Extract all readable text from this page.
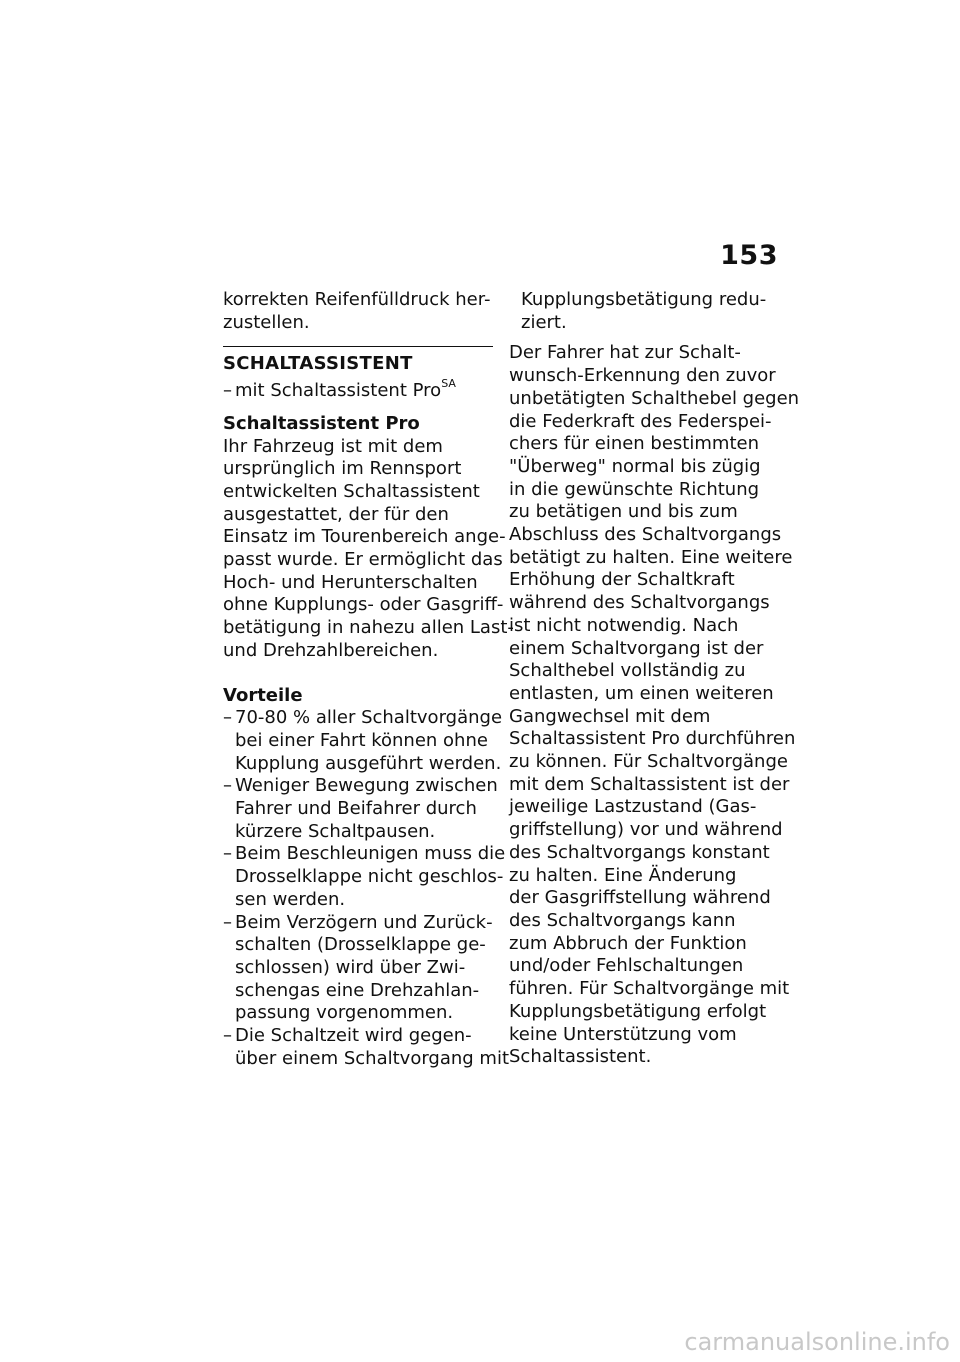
153
korrekten Reifenfülldruck her-
zustellen.
SCHALTASSISTENT
– mit Schaltassistent Pro$^{SA}$
Schaltassistent Pro
Ihr Fahrzeug ist mit dem
ursprünglich im Rennsport
entwickelten Schaltassistent
ausgestattet, der für den
Einsatz im Tourenbereich ange-
passt wurde. Er ermöglicht das
Hoch- und Herunterschalten
ohne Kupplungs- oder Gasgriff-
betätigung in nahezu allen Last-
und Drehzahlbereichen.
Vorteile
– 70-80 % aller Schaltvorgänge
bei einer Fahrt können ohne
Kupplung ausgeführt werden.
– Weniger Bewegung zwischen
Fahrer und Beifahrer durch
kürzere Schaltpausen.
– Beim Beschleunigen muss die
Drosselklappe nicht geschlos-
sen werden.
– Beim Verzögern und Zurück-
schalten (Drosselklappe ge-
schlossen) wird über Zwi-
schengas eine Drehzahlan-
passung vorgenommen.
– Die Schaltzeit wird gegen-
über einem Schaltvorgang mit
Kupplungsbetätigung redu-
ziert.
Der Fahrer hat zur Schalt-
wunsch-Erkennung den zuvor
unbetätigten Schalthebel gegen
die Federkraft des Federspei-
chers für einen bestimmten
"Überweg" normal bis zügig
in die gewünschte Richtung
zu betätigen und bis zum
Abschluss des Schaltvorgangs
betätigt zu halten. Eine weitere
Erhöhung der Schaltkraft
während des Schaltvorgangs
ist nicht notwendig. Nach
einem Schaltvorgang ist der
Schalthebel vollständig zu
entlasten, um einen weiteren
Gangwechsel mit dem
Schaltassistent Pro durchführen
zu können. Für Schaltvorgänge
mit dem Schaltassistent ist der
jeweilige Lastzustand (Gas-
griffstellung) vor und während
des Schaltvorgangs konstant
zu halten. Eine Änderung
der Gasgriffstellung während
des Schaltvorgangs kann
zum Abbruch der Funktion
und/oder Fehlschaltungen
führen. Für Schaltvorgänge mit
Kupplungsbetätigung erfolgt
keine Unterstützung vom
Schaltassistent.
carmanualsonline.info
